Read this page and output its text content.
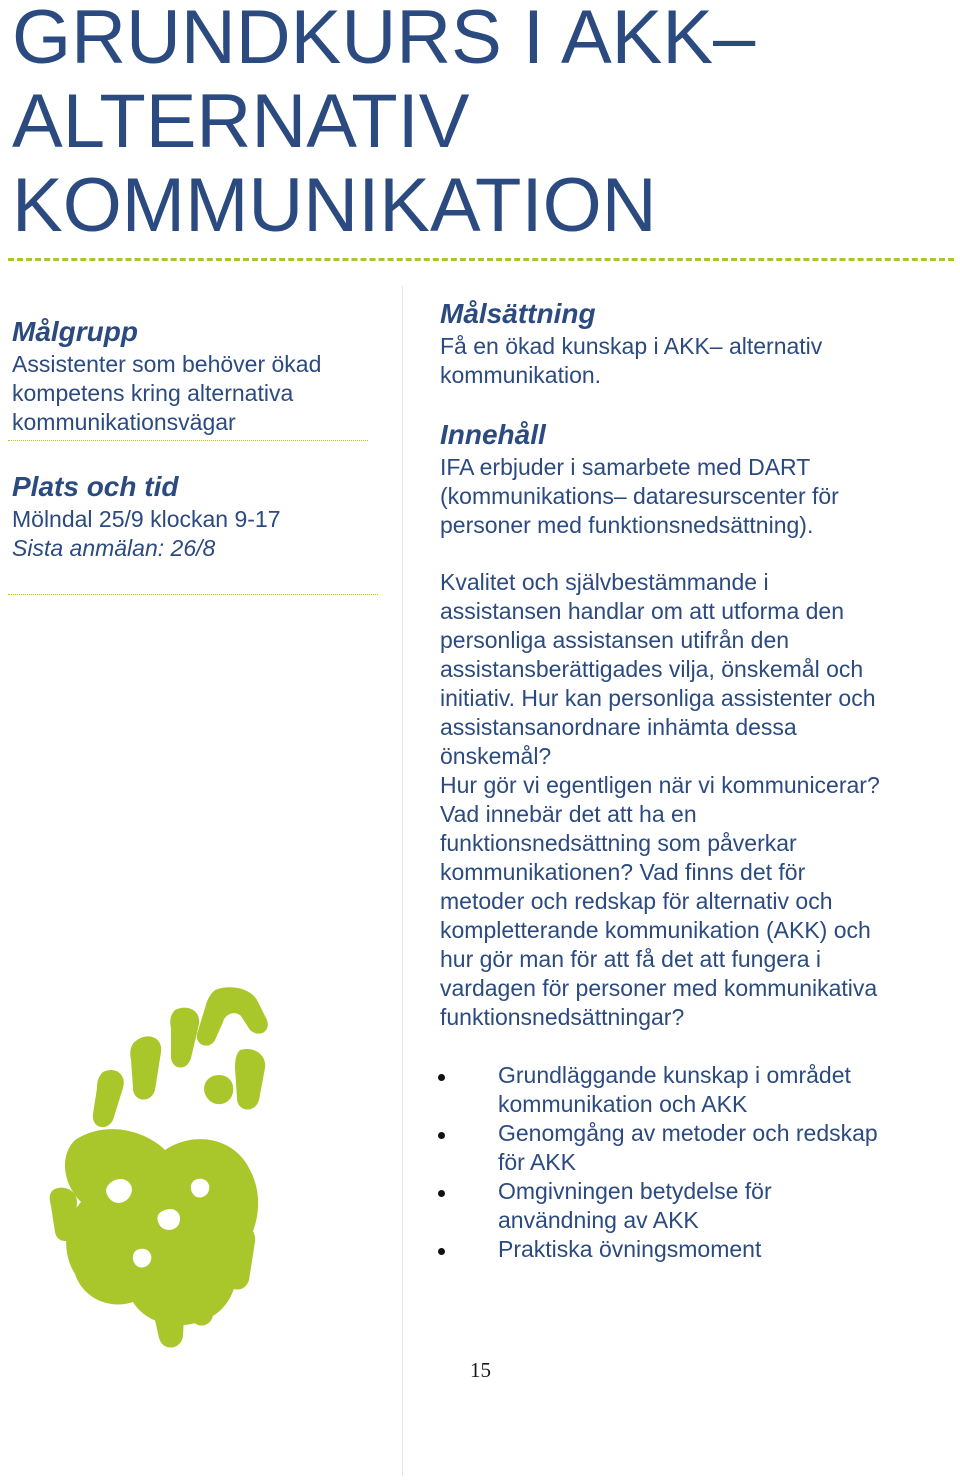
GRUNDKURS I AKK–
ALTERNATIV
KOMMUNIKATION
Målgrupp

Assistenter som behöver ökad

kompetens kring alternativa

kommunikationsvägar

Plats och tid

Mölndal 25/9 klockan 9-17

Sista anmälan: 26/8

Målsättning

Få en ökad kunskap i AKK– alternativ

kommunikation.

Innehåll

IFA erbjuder i samarbete med DART

(kommunikations– dataresurscenter för

personer med funktionsnedsättning).

Kvalitet och självbestämmande i

assistansen handlar om att utforma den

personliga assistansen utifrån den

assistansberättigades vilja, önskemål och

initiativ. Hur kan personliga assistenter och

assistansanordnare inhämta dessa

önskemål?

Hur gör vi egentligen när vi kommunicerar?

Vad innebär det att ha en

funktionsnedsättning som påverkar

kommunikationen? Vad finns det för

metoder och redskap för alternativ och

kompletterande kommunikation (AKK) och

hur gör man för att få det att fungera i

vardagen för personer med kommunikativa

funktionsnedsättningar?

Grundläggande kunskap i området
kommunikation och AKK
Genomgång av metoder och redskap
för AKK
Omgivningen betydelse för
användning av AKK
Praktiska övningsmoment
15
